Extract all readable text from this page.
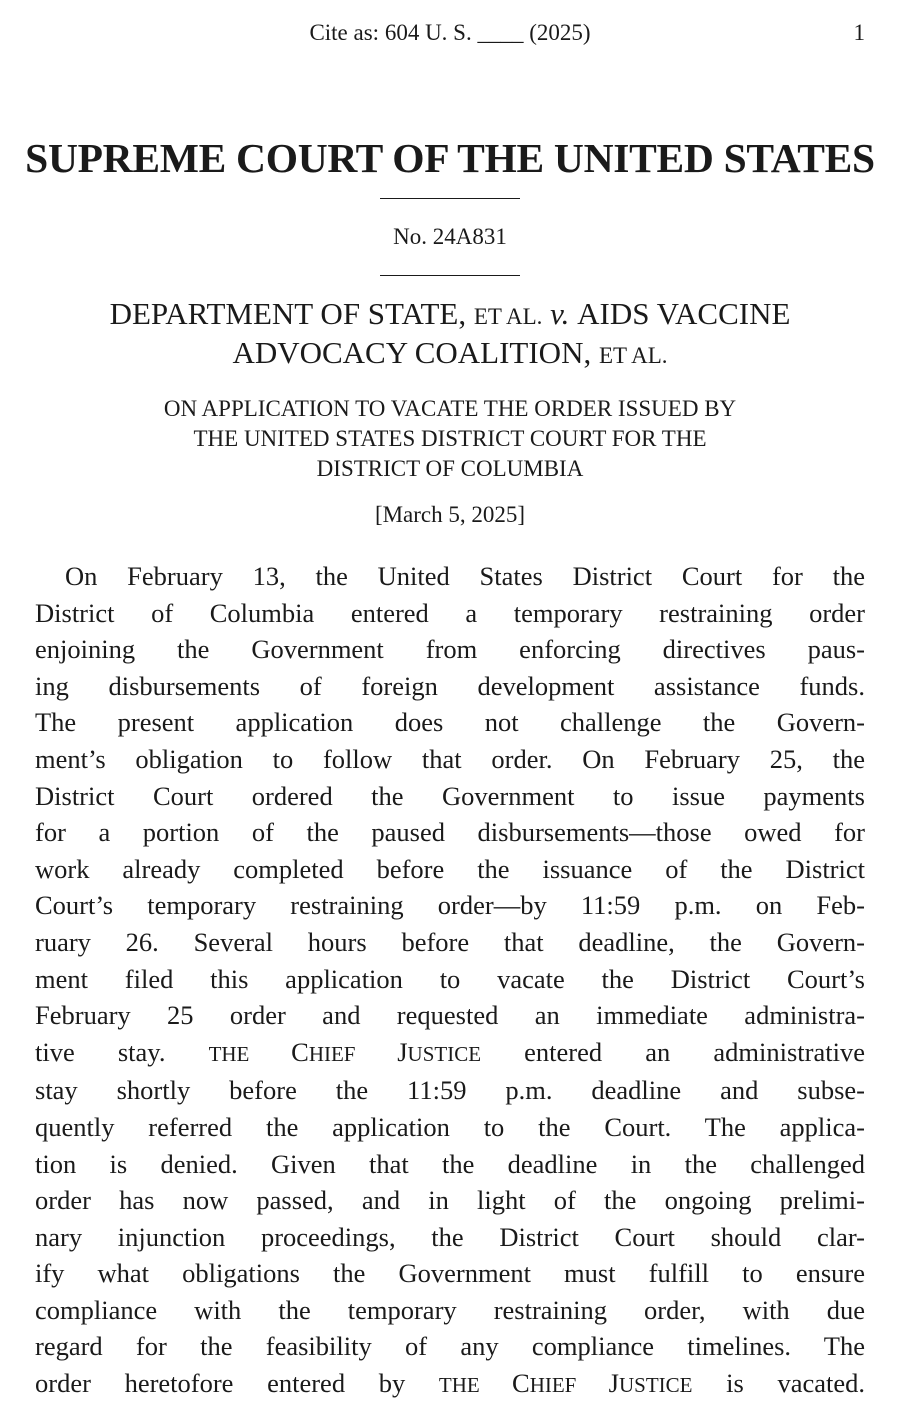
Cite as: 604 U. S. ____ (2025)	1
SUPREME COURT OF THE UNITED STATES
No. 24A831
DEPARTMENT OF STATE, ET AL. v. AIDS VACCINE
ADVOCACY COALITION, ET AL.
ON APPLICATION TO VACATE THE ORDER ISSUED BY
THE UNITED STATES DISTRICT COURT FOR THE
DISTRICT OF COLUMBIA
[March 5, 2025]
On February 13, the United States District Court for the
District of Columbia entered a temporary restraining order
enjoining the Government from enforcing directives paus-
ing disbursements of foreign development assistance funds.
The present application does not challenge the Govern-
ment’s obligation to follow that order. On February 25, the
District Court ordered the Government to issue payments
for a portion of the paused disbursements—those owed for
work already completed before the issuance of the District
Court’s temporary restraining order—by 11:59 p.m. on Feb-
ruary 26. Several hours before that deadline, the Govern-
ment filed this application to vacate the District Court’s
February 25 order and requested an immediate administra-
tive stay. THE CHIEF JUSTICE entered an administrative
stay shortly before the 11:59 p.m. deadline and subse-
quently referred the application to the Court. The applica-
tion is denied. Given that the deadline in the challenged
order has now passed, and in light of the ongoing prelimi-
nary injunction proceedings, the District Court should clar-
ify what obligations the Government must fulfill to ensure
compliance with the temporary restraining order, with due
regard for the feasibility of any compliance timelines. The
order heretofore entered by THE CHIEF JUSTICE is vacated.
